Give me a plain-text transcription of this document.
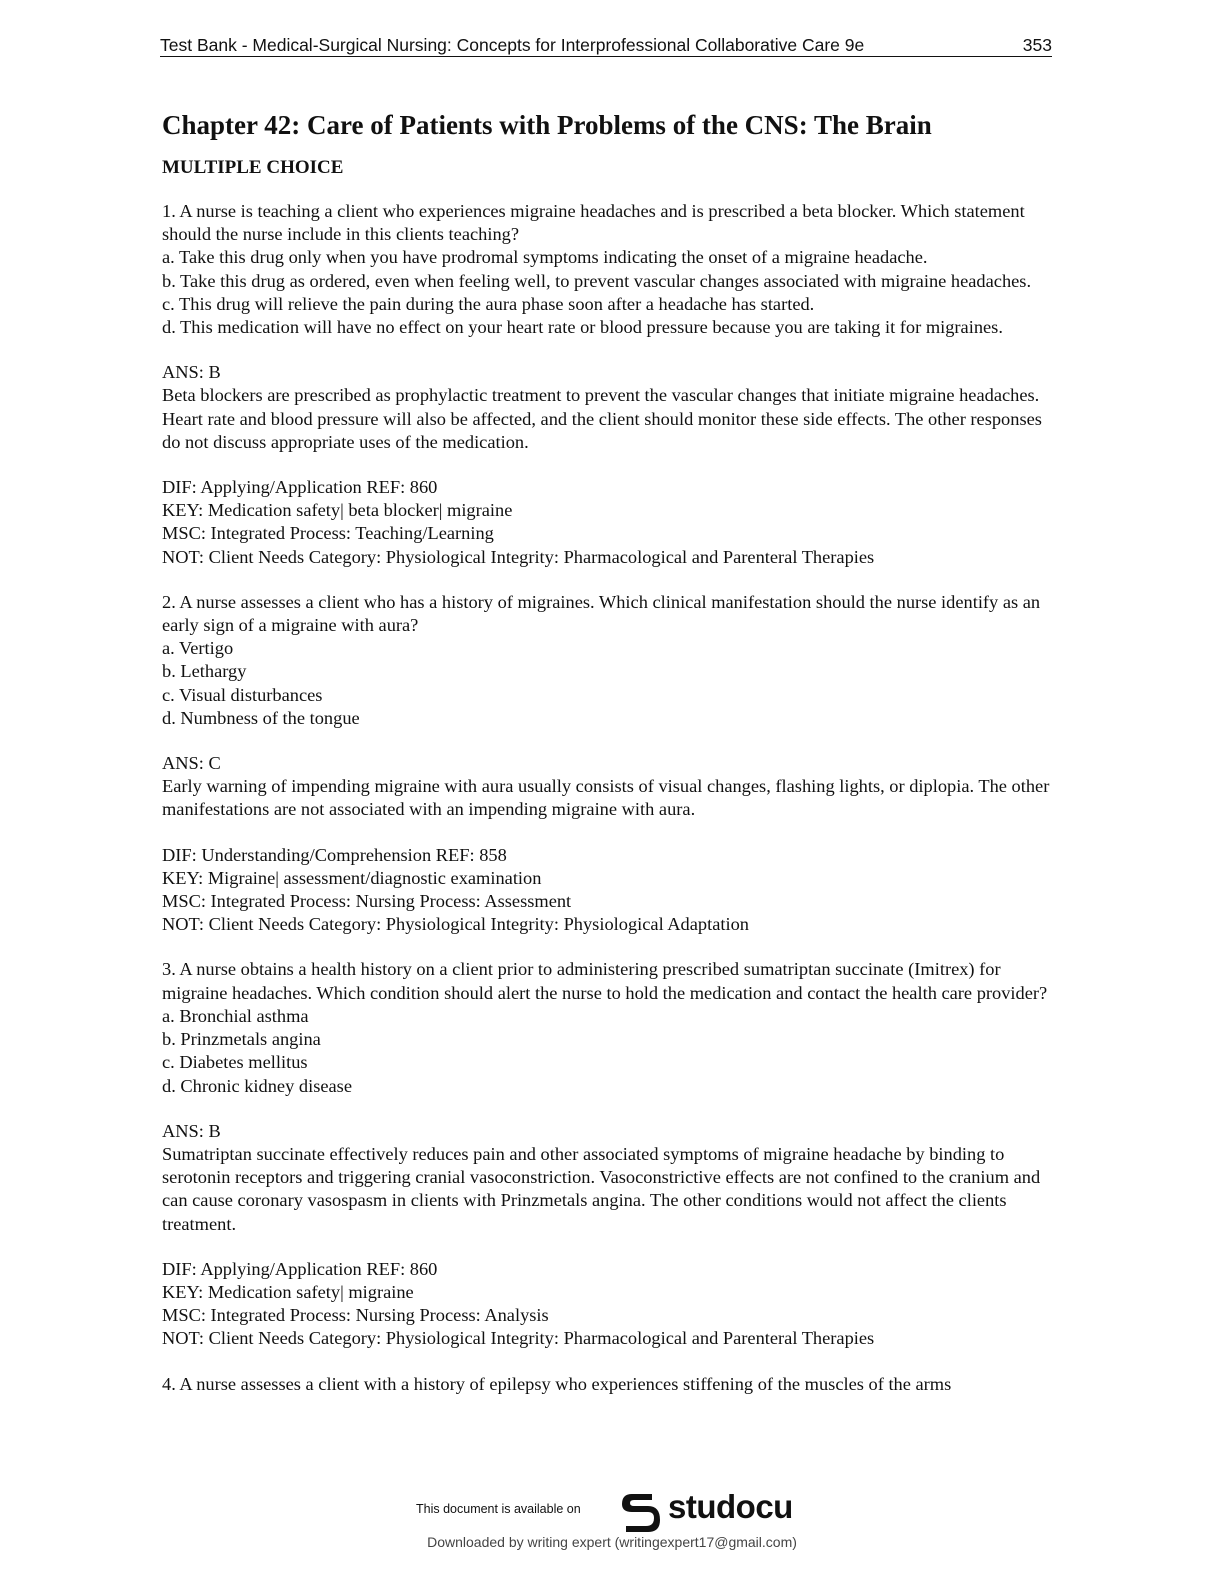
Test Bank - Medical-Surgical Nursing: Concepts for Interprofessional Collaborative Care 9e	353
Chapter 42: Care of Patients with Problems of the CNS: The Brain
MULTIPLE CHOICE

1. A nurse is teaching a client who experiences migraine headaches and is prescribed a beta blocker. Which statement should the nurse include in this clients teaching?

a. Take this drug only when you have prodromal symptoms indicating the onset of a migraine headache.

b. Take this drug as ordered, even when feeling well, to prevent vascular changes associated with migraine headaches.

c. This drug will relieve the pain during the aura phase soon after a headache has started.

d. This medication will have no effect on your heart rate or blood pressure because you are taking it for migraines.

ANS: B

Beta blockers are prescribed as prophylactic treatment to prevent the vascular changes that initiate migraine headaches. Heart rate and blood pressure will also be affected, and the client should monitor these side effects. The other responses do not discuss appropriate uses of the medication.

DIF: Applying/Application REF: 860

KEY: Medication safety| beta blocker| migraine

MSC: Integrated Process: Teaching/Learning

NOT: Client Needs Category: Physiological Integrity: Pharmacological and Parenteral Therapies

2. A nurse assesses a client who has a history of migraines. Which clinical manifestation should the nurse identify as an early sign of a migraine with aura?

a. Vertigo

b. Lethargy

c. Visual disturbances

d. Numbness of the tongue

ANS: C

Early warning of impending migraine with aura usually consists of visual changes, flashing lights, or diplopia. The other manifestations are not associated with an impending migraine with aura.

DIF: Understanding/Comprehension REF: 858

KEY: Migraine| assessment/diagnostic examination

MSC: Integrated Process: Nursing Process: Assessment

NOT: Client Needs Category: Physiological Integrity: Physiological Adaptation

3. A nurse obtains a health history on a client prior to administering prescribed sumatriptan succinate (Imitrex) for migraine headaches. Which condition should alert the nurse to hold the medication and contact the health care provider?

a. Bronchial asthma

b. Prinzmetals angina

c. Diabetes mellitus

d. Chronic kidney disease

ANS: B

Sumatriptan succinate effectively reduces pain and other associated symptoms of migraine headache by binding to serotonin receptors and triggering cranial vasoconstriction. Vasoconstrictive effects are not confined to the cranium and can cause coronary vasospasm in clients with Prinzmetals angina. The other conditions would not affect the clients treatment.

DIF: Applying/Application REF: 860

KEY: Medication safety| migraine

MSC: Integrated Process: Nursing Process: Analysis

NOT: Client Needs Category: Physiological Integrity: Pharmacological and Parenteral Therapies

4. A nurse assesses a client with a history of epilepsy who experiences stiffening of the muscles of the arms

This document is available on	studocu
Downloaded by writing expert (writingexpert17@gmail.com)
